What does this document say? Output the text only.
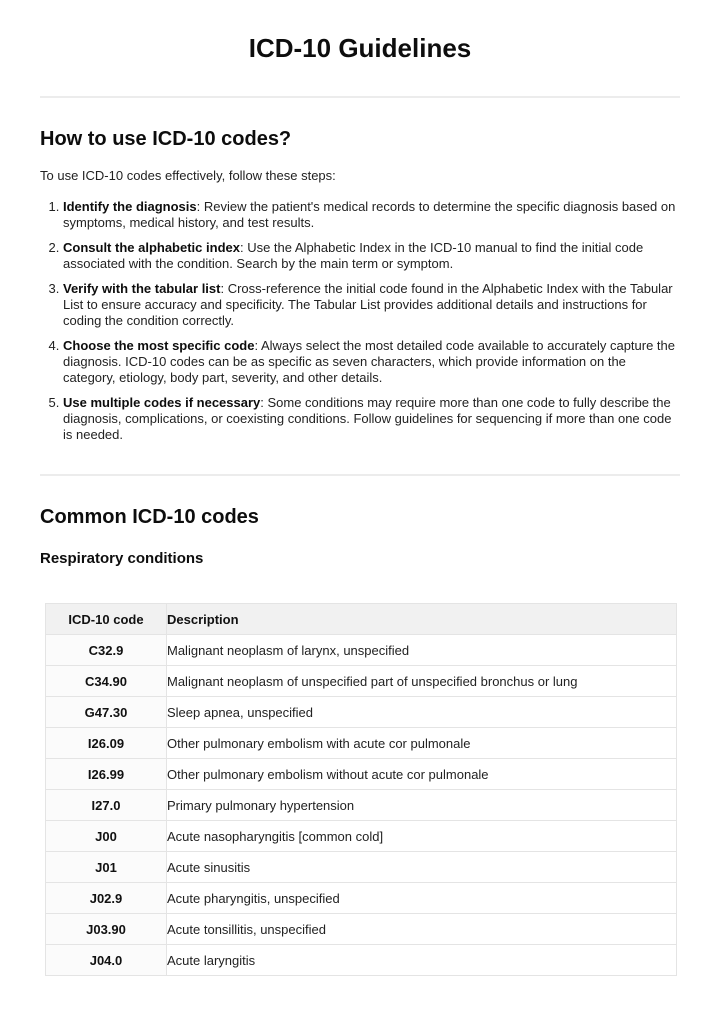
ICD-10 Guidelines
How to use ICD-10 codes?

To use ICD-10 codes effectively, follow these steps:

1. Identify the diagnosis: Review the patient's medical records to determine the specific diagnosis based on symptoms, medical history, and test results.
2. Consult the alphabetic index: Use the Alphabetic Index in the ICD-10 manual to find the initial code associated with the condition. Search by the main term or symptom.
3. Verify with the tabular list: Cross-reference the initial code found in the Alphabetic Index with the Tabular List to ensure accuracy and specificity. The Tabular List provides additional details and instructions for coding the condition correctly.
4. Choose the most specific code: Always select the most detailed code available to accurately capture the diagnosis. ICD-10 codes can be as specific as seven characters, which provide information on the category, etiology, body part, severity, and other details.
5. Use multiple codes if necessary: Some conditions may require more than one code to fully describe the diagnosis, complications, or coexisting conditions. Follow guidelines for sequencing if more than one code is needed.
Common ICD-10 codes
Respiratory conditions
ICD-10 code	Description
C32.9	Malignant neoplasm of larynx, unspecified
C34.90	Malignant neoplasm of unspecified part of unspecified bronchus or lung
G47.30	Sleep apnea, unspecified
I26.09	Other pulmonary embolism with acute cor pulmonale
I26.99	Other pulmonary embolism without acute cor pulmonale
I27.0	Primary pulmonary hypertension
J00	Acute nasopharyngitis [common cold]
J01	Acute sinusitis
J02.9	Acute pharyngitis, unspecified
J03.90	Acute tonsillitis, unspecified
J04.0	Acute laryngitis
